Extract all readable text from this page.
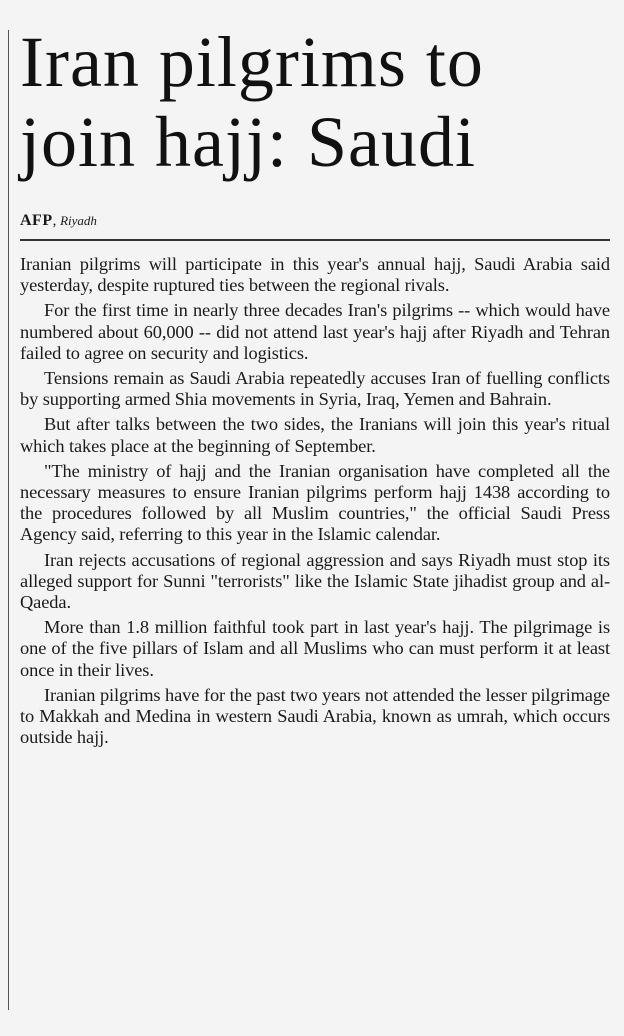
Iran pilgrims to
join hajj: Saudi
AFP, Riyadh

Iranian pilgrims will participate in this year's annual hajj, Saudi Arabia said yesterday, despite ruptured ties between the regional rivals.

For the first time in nearly three decades Iran's pilgrims -- which would have numbered about 60,000 -- did not attend last year's hajj after Riyadh and Tehran failed to agree on security and logistics.

Tensions remain as Saudi Arabia repeatedly accuses Iran of fuelling conflicts by supporting armed Shia movements in Syria, Iraq, Yemen and Bahrain.

But after talks between the two sides, the Iranians will join this year's ritual which takes place at the beginning of September.

"The ministry of hajj and the Iranian organisation have completed all the necessary measures to ensure Iranian pilgrims perform hajj 1438 according to the procedures followed by all Muslim countries," the official Saudi Press Agency said, referring to this year in the Islamic calendar.

Iran rejects accusations of regional aggression and says Riyadh must stop its alleged support for Sunni "terrorists" like the Islamic State jihadist group and al-Qaeda.

More than 1.8 million faithful took part in last year's hajj. The pilgrimage is one of the five pillars of Islam and all Muslims who can must perform it at least once in their lives.

Iranian pilgrims have for the past two years not attended the lesser pilgrimage to Makkah and Medina in western Saudi Arabia, known as umrah, which occurs outside hajj.
